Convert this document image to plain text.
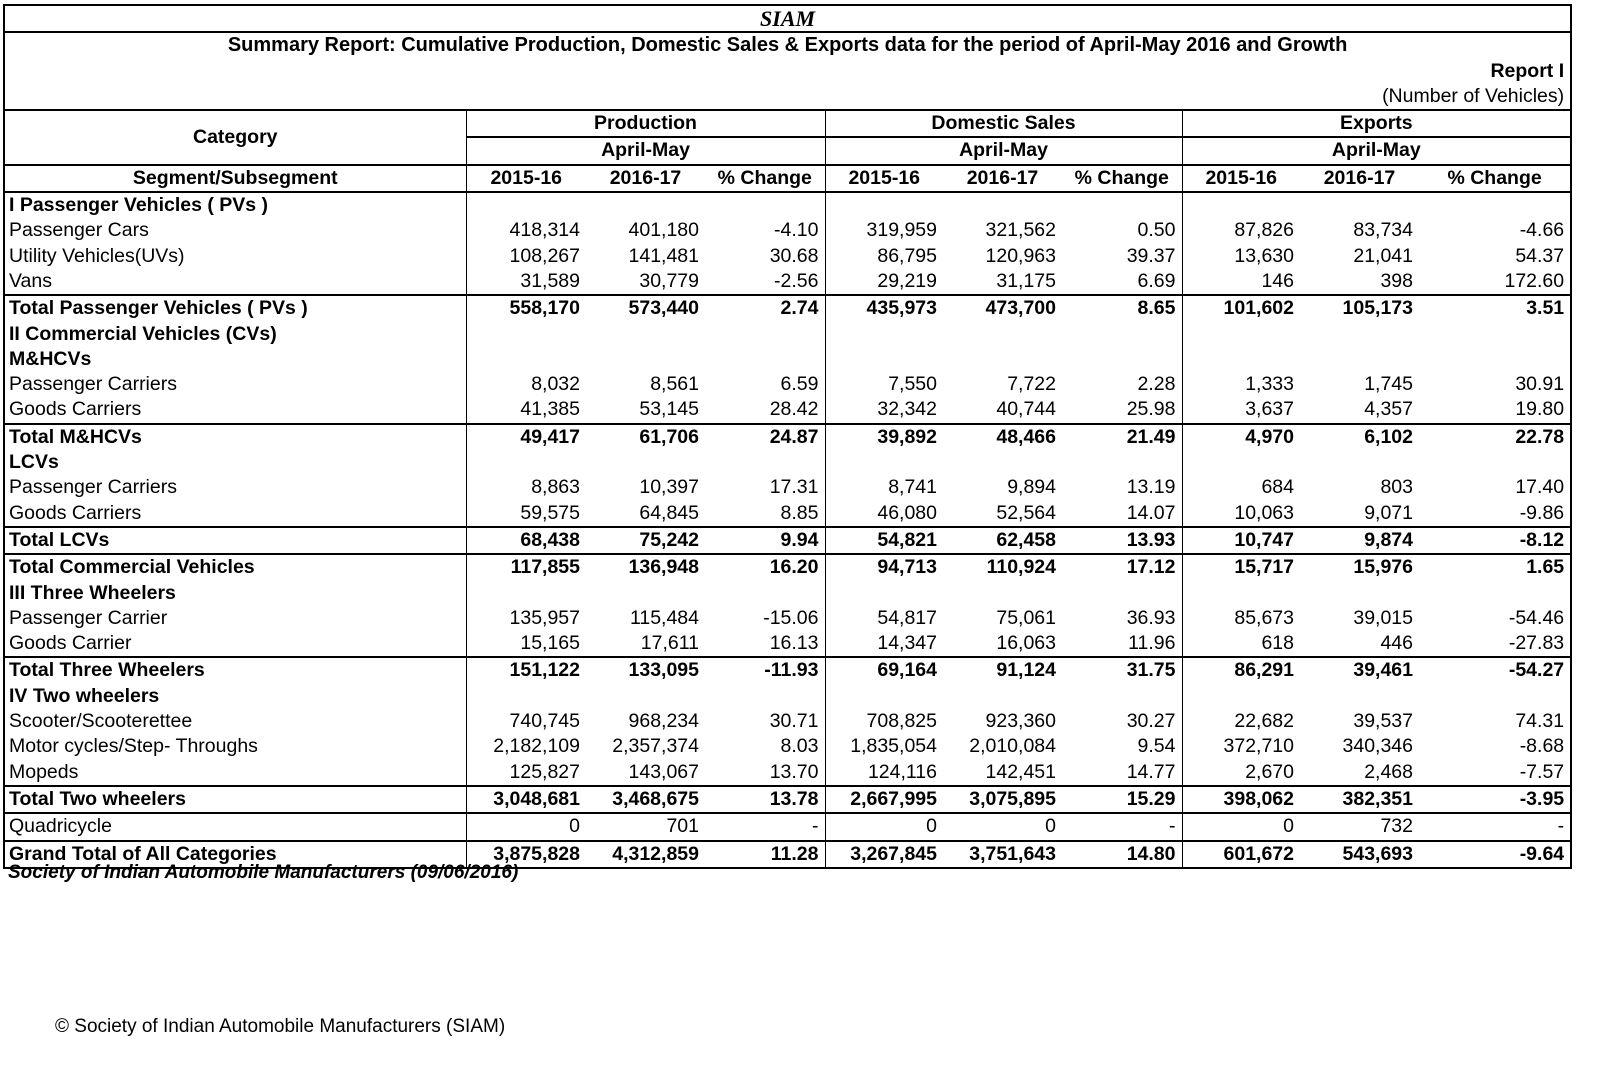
SIAM									
Summary Report: Cumulative Production, Domestic Sales & Exports data for the period of April-May 2016 and Growth									
Report I									
(Number of Vehicles)									
Category	Production			Domestic Sales			Exports		
	April-May			April-May			April-May		
Segment/Subsegment	2015-16	2016-17	% Change	2015-16	2016-17	% Change	2015-16	2016-17	% Change
I Passenger Vehicles ( PVs )									
Passenger Cars	418,314	401,180	-4.10	319,959	321,562	0.50	87,826	83,734	-4.66
Utility Vehicles(UVs)	108,267	141,481	30.68	86,795	120,963	39.37	13,630	21,041	54.37
Vans	31,589	30,779	-2.56	29,219	31,175	6.69	146	398	172.60
Total Passenger Vehicles ( PVs )	558,170	573,440	2.74	435,973	473,700	8.65	101,602	105,173	3.51
II Commercial Vehicles (CVs)									
M&HCVs									
Passenger Carriers	8,032	8,561	6.59	7,550	7,722	2.28	1,333	1,745	30.91
Goods Carriers	41,385	53,145	28.42	32,342	40,744	25.98	3,637	4,357	19.80
Total M&HCVs	49,417	61,706	24.87	39,892	48,466	21.49	4,970	6,102	22.78
LCVs									
Passenger Carriers	8,863	10,397	17.31	8,741	9,894	13.19	684	803	17.40
Goods Carriers	59,575	64,845	8.85	46,080	52,564	14.07	10,063	9,071	-9.86
Total LCVs	68,438	75,242	9.94	54,821	62,458	13.93	10,747	9,874	-8.12
Total Commercial Vehicles	117,855	136,948	16.20	94,713	110,924	17.12	15,717	15,976	1.65
III Three Wheelers									
Passenger Carrier	135,957	115,484	-15.06	54,817	75,061	36.93	85,673	39,015	-54.46
Goods Carrier	15,165	17,611	16.13	14,347	16,063	11.96	618	446	-27.83
Total Three Wheelers	151,122	133,095	-11.93	69,164	91,124	31.75	86,291	39,461	-54.27
IV Two wheelers									
Scooter/Scooterettee	740,745	968,234	30.71	708,825	923,360	30.27	22,682	39,537	74.31
Motor cycles/Step- Throughs	2,182,109	2,357,374	8.03	1,835,054	2,010,084	9.54	372,710	340,346	-8.68
Mopeds	125,827	143,067	13.70	124,116	142,451	14.77	2,670	2,468	-7.57
Total Two wheelers	3,048,681	3,468,675	13.78	2,667,995	3,075,895	15.29	398,062	382,351	-3.95
Quadricycle	0	701	-	0	0	-	0	732	-
Grand Total of All Categories	3,875,828	4,312,859	11.28	3,267,845	3,751,643	14.80	601,672	543,693	-9.64
Society of Indian Automobile Manufacturers (09/06/2016)
© Society of Indian Automobile Manufacturers (SIAM)
